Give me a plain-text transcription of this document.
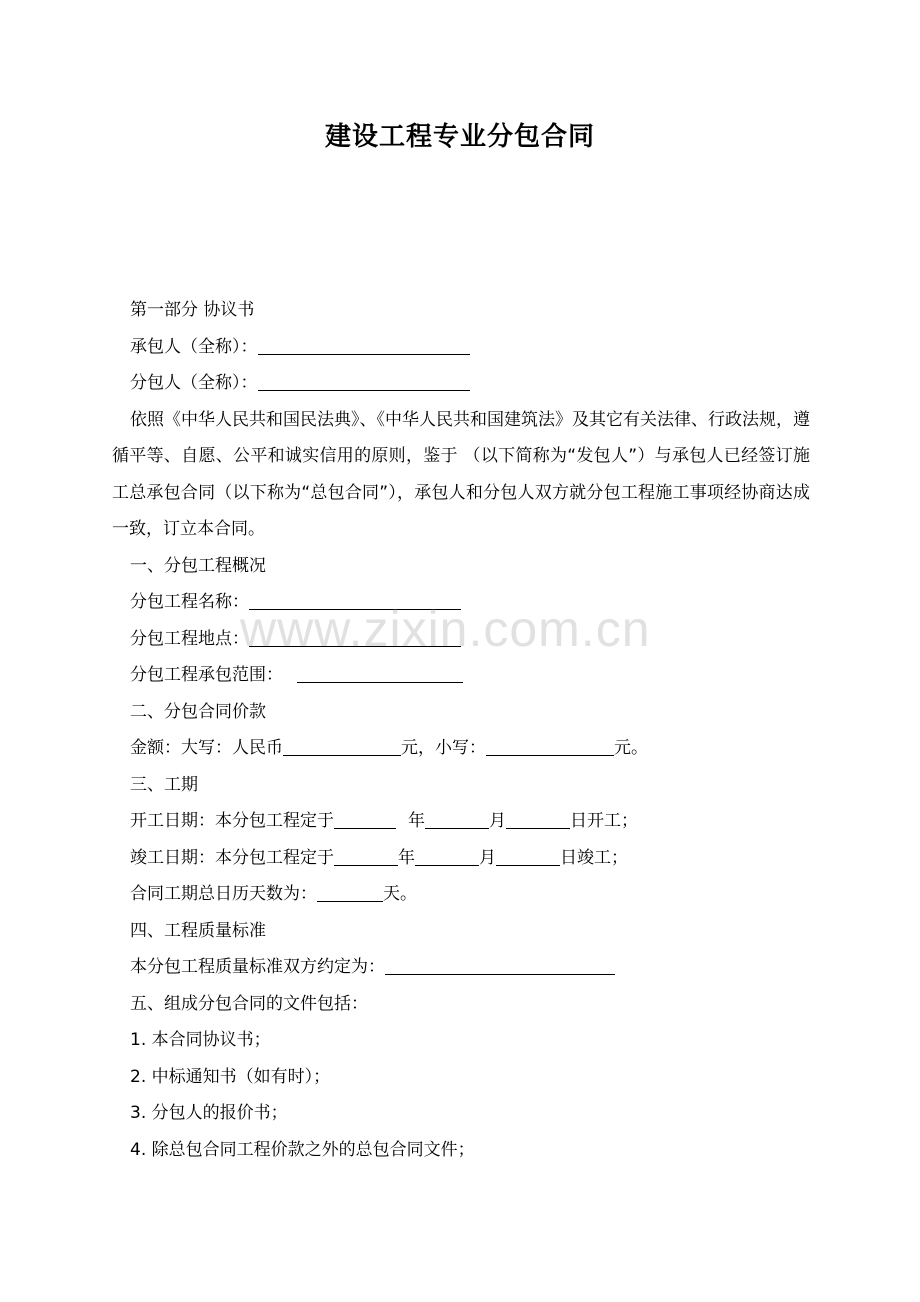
建设工程专业分包合同
第一部分 协议书
承包人（全称）：
分包人（全称）：
依照《中华人民共和国民法典》、《中华人民共和国建筑法》及其它有关法律、行政法规，遵循平等、自愿、公平和诚实信用的原则，鉴于 （以下简称为“发包人”）与承包人已经签订施工总承包合同（以下称为“总包合同”），承包人和分包人双方就分包工程施工事项经协商达成一致，订立本合同。
一、分包工程概况
分包工程名称：
分包工程地点：
分包工程承包范围：
二、分包合同价款
金额：大写：人民币	元，小写：	元。
三、工期
开工日期：本分包工程定于	年	月	日开工；
竣工日期：本分包工程定于	年	月	日竣工；
合同工期总日历天数为：	天。
四、工程质量标准
本分包工程质量标准双方约定为：
五、组成分包合同的文件包括：
1. 本合同协议书；
2. 中标通知书（如有时）；
3. 分包人的报价书；
4. 除总包合同工程价款之外的总包合同文件；
www.zixin.com.cn
